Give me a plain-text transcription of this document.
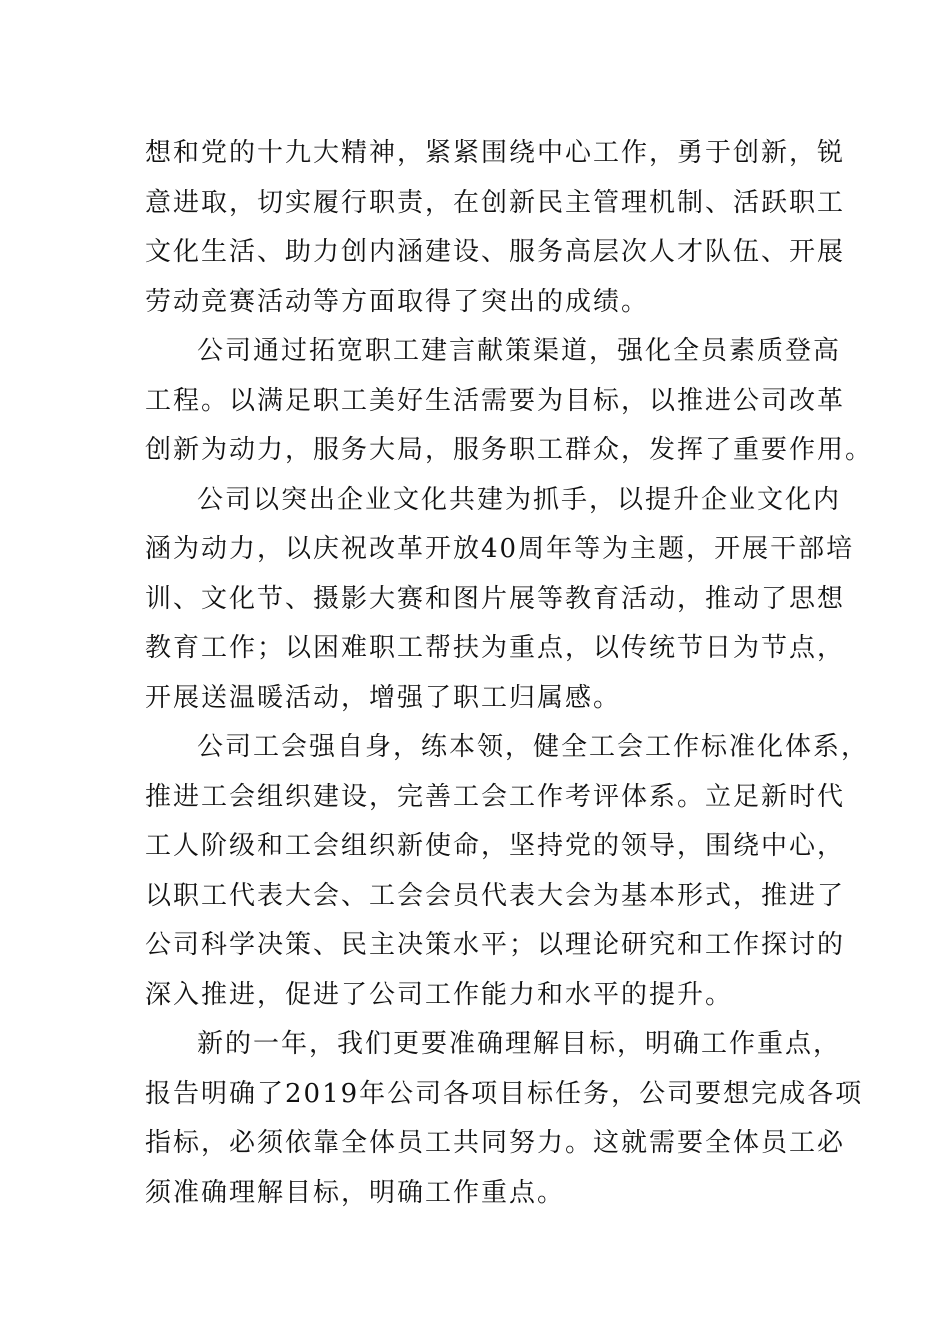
想和党的十九大精神，紧紧围绕中心工作，勇于创新，锐
意进取，切实履行职责，在创新民主管理机制、活跃职工
文化生活、助力创内涵建设、服务高层次人才队伍、开展
劳动竞赛活动等方面取得了突出的成绩。
公司通过拓宽职工建言献策渠道，强化全员素质登高
工程。以满足职工美好生活需要为目标，以推进公司改革
创新为动力，服务大局，服务职工群众，发挥了重要作用。
公司以突出企业文化共建为抓手，以提升企业文化内
涵为动力，以庆祝改革开放40周年等为主题，开展干部培
训、文化节、摄影大赛和图片展等教育活动，推动了思想
教育工作；以困难职工帮扶为重点，以传统节日为节点，
开展送温暖活动，增强了职工归属感。
公司工会强自身，练本领，健全工会工作标准化体系，
推进工会组织建设，完善工会工作考评体系。立足新时代
工人阶级和工会组织新使命，坚持党的领导，围绕中心，
以职工代表大会、工会会员代表大会为基本形式，推进了
公司科学决策、民主决策水平；以理论研究和工作探讨的
深入推进，促进了公司工作能力和水平的提升。
新的一年，我们更要准确理解目标，明确工作重点，
报告明确了2019年公司各项目标任务，公司要想完成各项
指标，必须依靠全体员工共同努力。这就需要全体员工必
须准确理解目标，明确工作重点。
